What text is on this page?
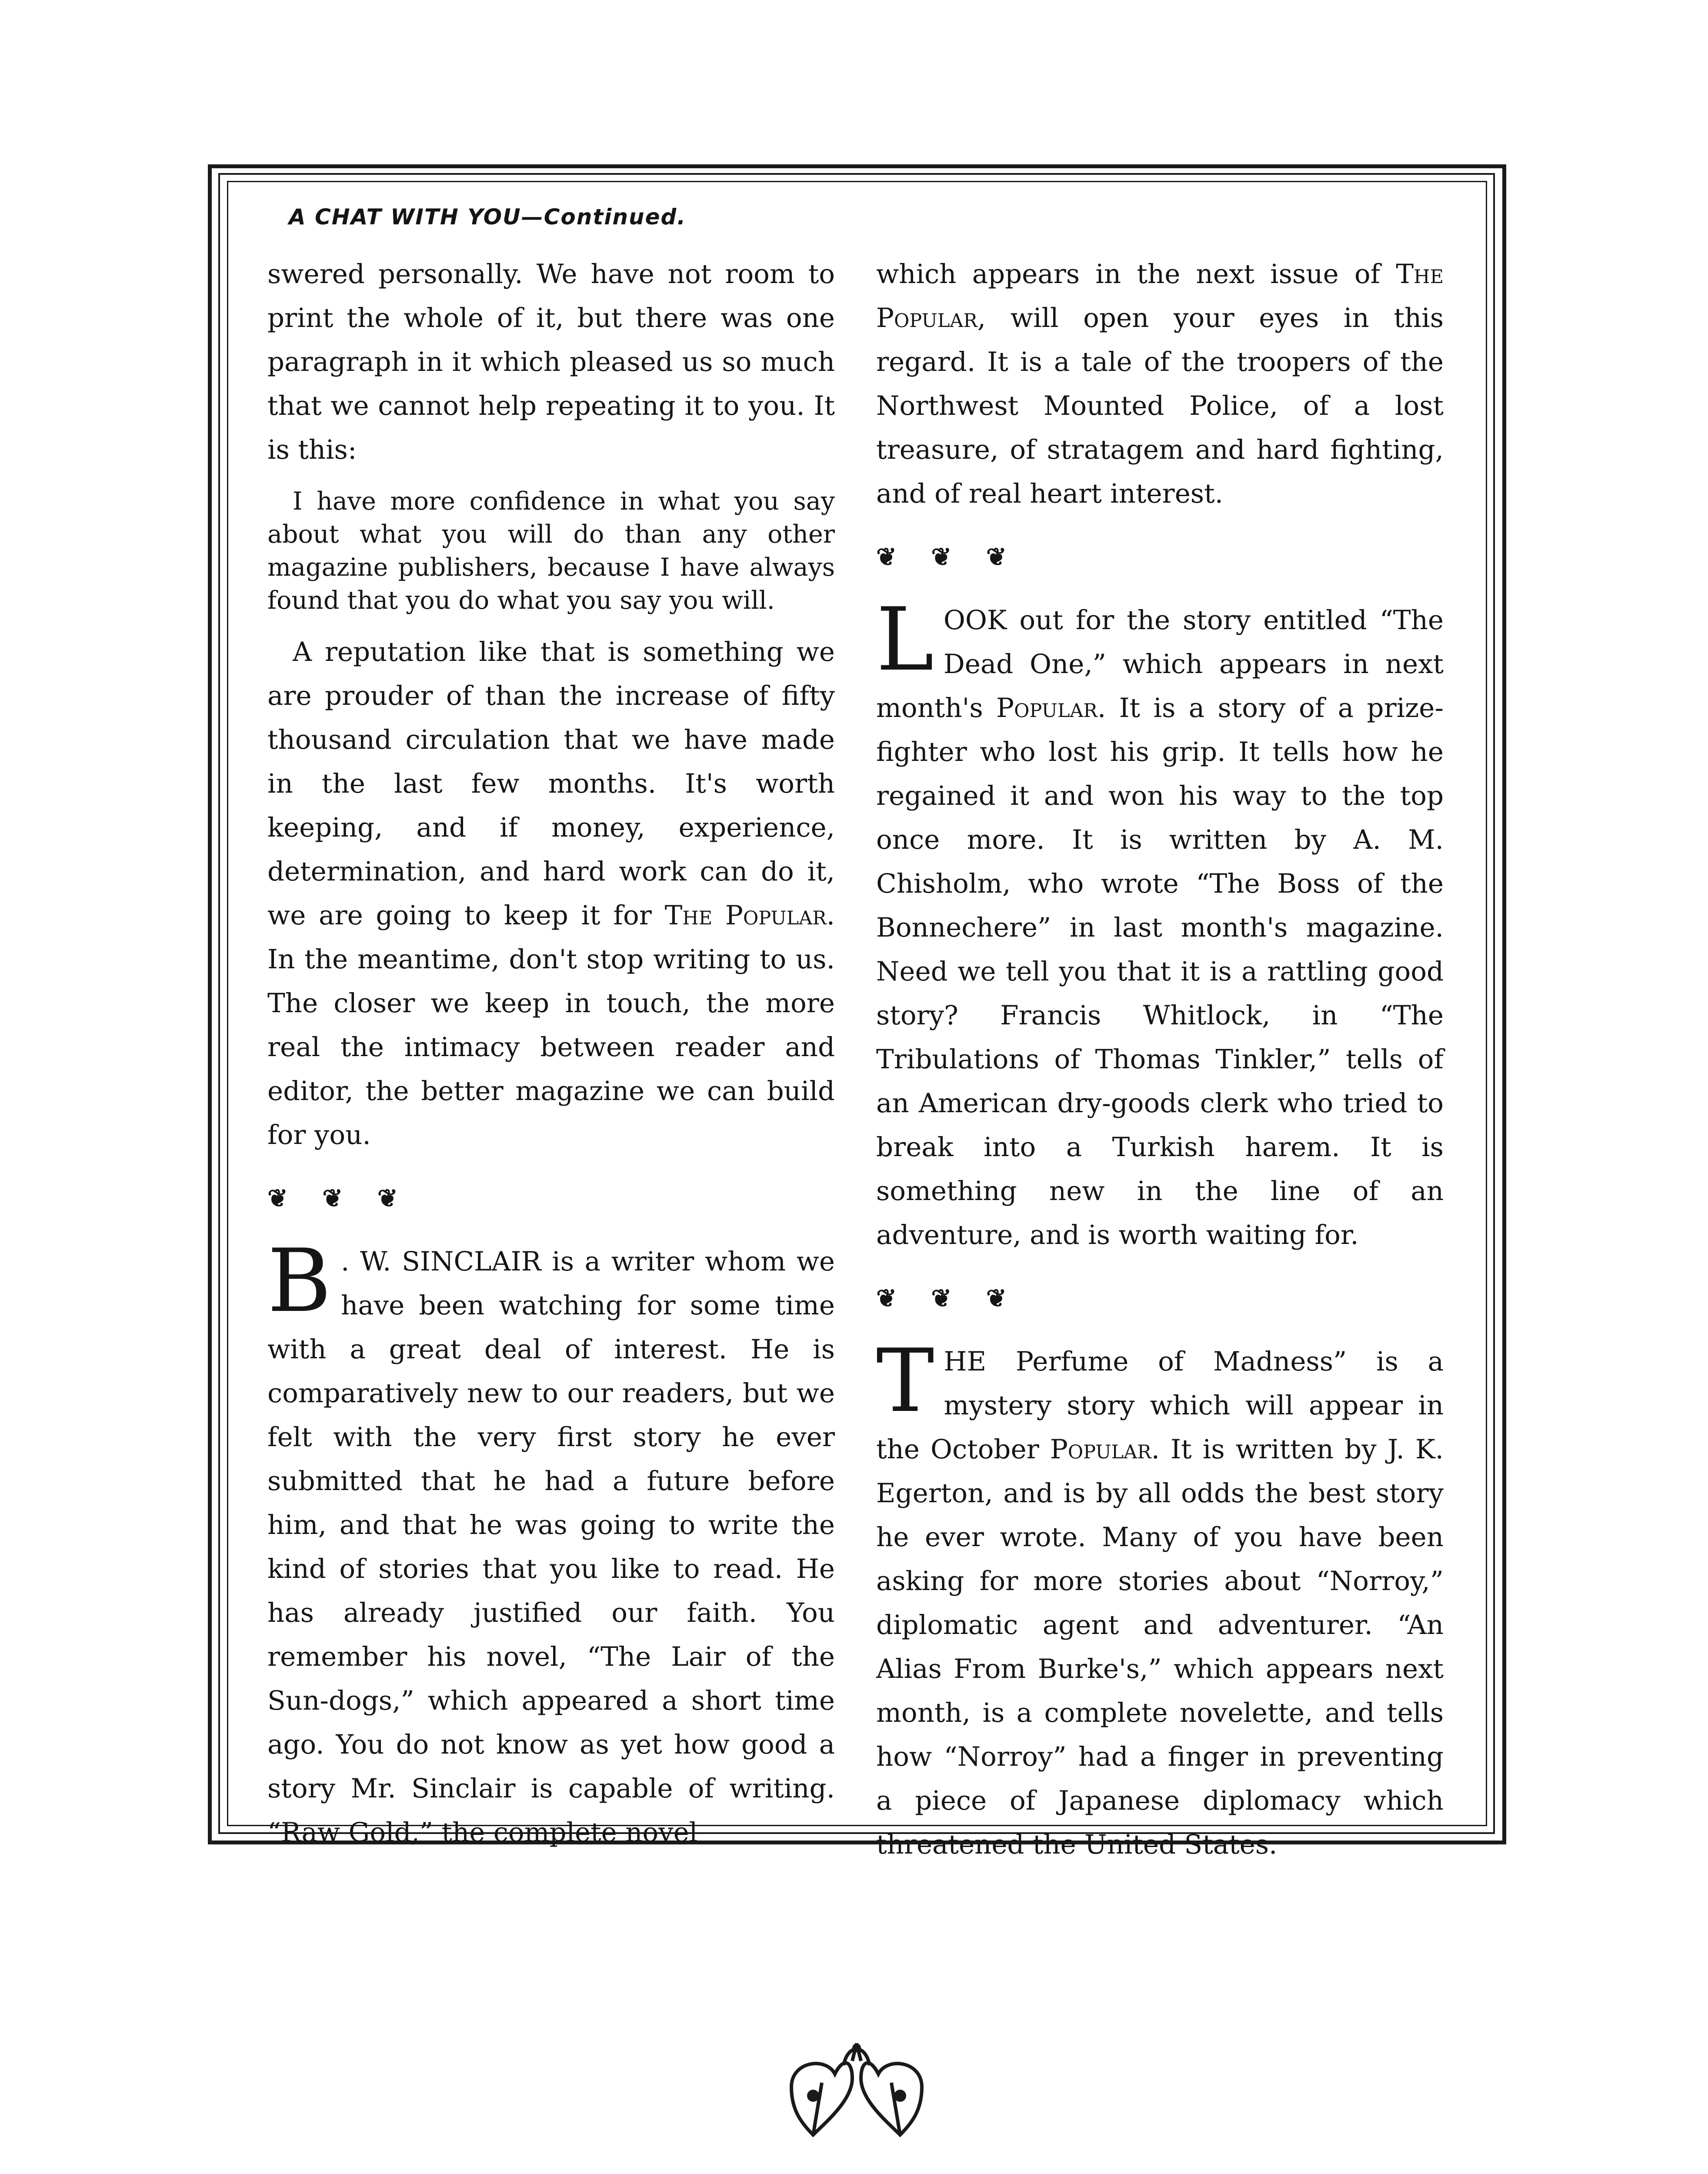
A CHAT WITH YOU—Continued.

swered personally. We have not room to print the whole of it, but there was one paragraph in it which pleased us so much that we cannot help repeating it to you. It is this:

I have more confidence in what you say about what you will do than any other magazine publishers, because I have always found that you do what you say you will.

A reputation like that is something we are prouder of than the increase of fifty thousand circulation that we have made in the last few months. It's worth keeping, and if money, experience, determination, and hard work can do it, we are going to keep it for The Popular. In the meantime, don't stop writing to us. The closer we keep in touch, the more real the intimacy between reader and editor, the better magazine we can build for you.

❦ ❦ ❦

B . W. SINCLAIR is a writer whom we have been watching for some time with a great deal of interest. He is comparatively new to our readers, but we felt with the very first story he ever submitted that he had a future before him, and that he was going to write the kind of stories that you like to read. He has already justified our faith. You remember his novel, “The Lair of the Sun-dogs,” which appeared a short time ago. You do not know as yet how good a story Mr. Sinclair is capable of writing. “Raw Gold,” the complete novel

which appears in the next issue of The Popular, will open your eyes in this regard. It is a tale of the troopers of the Northwest Mounted Police, of a lost treasure, of stratagem and hard fighting, and of real heart interest.

❦ ❦ ❦

LOOK out for the story entitled “The Dead One,” which appears in next month's Popular. It is a story of a prize-fighter who lost his grip. It tells how he regained it and won his way to the top once more. It is written by A. M. Chisholm, who wrote “The Boss of the Bonnechere” in last month's magazine. Need we tell you that it is a rattling good story? Francis Whitlock, in “The Tribulations of Thomas Tinkler,” tells of an American dry-goods clerk who tried to break into a Turkish harem. It is something new in the line of an adventure, and is worth waiting for.

❦ ❦ ❦

THE Perfume of Madness” is a mystery story which will appear in the October Popular. It is written by J. K. Egerton, and is by all odds the best story he ever wrote. Many of you have been asking for more stories about “Norroy,” diplomatic agent and adventurer. “An Alias From Burke's,” which appears next month, is a complete novelette, and tells how “Norroy” had a finger in preventing a piece of Japanese diplomacy which threatened the United States.
